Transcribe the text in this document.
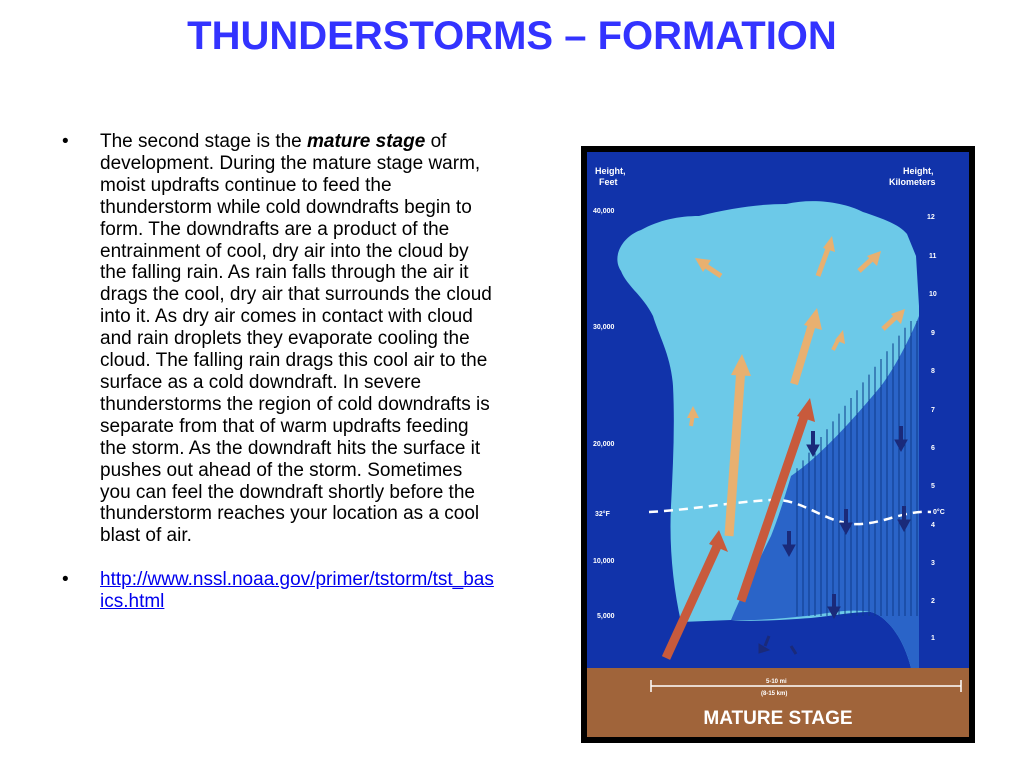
THUNDERSTORMS – FORMATION
• The second stage is the mature stage of development. During the mature stage warm, moist updrafts continue to feed the thunderstorm while cold downdrafts begin to form. The downdrafts are a product of the entrainment of cool, dry air into the cloud by the falling rain. As rain falls through the air it drags the cool, dry air that surrounds the cloud into it. As dry air comes in contact with cloud and rain droplets they evaporate cooling the cloud. The falling rain drags this cool air to the surface as a cold downdraft. In severe thunderstorms the region of cold downdrafts is separate from that of warm updrafts feeding the storm. As the downdraft hits the surface it pushes out ahead of the storm. Sometimes you can feel the downdraft shortly before the thunderstorm reaches your location as a cool blast of air.
• http://www.nssl.noaa.gov/primer/tstorm/tst_basics.html
Height,
Feet
Height,
Kilometers
40,000
30,000
20,000
10,000
5,000
32°F	0°C
12
11
10
9
8
7
6
5
4
3
2
1
5-10 mi
(8-15 km)
MATURE STAGE
